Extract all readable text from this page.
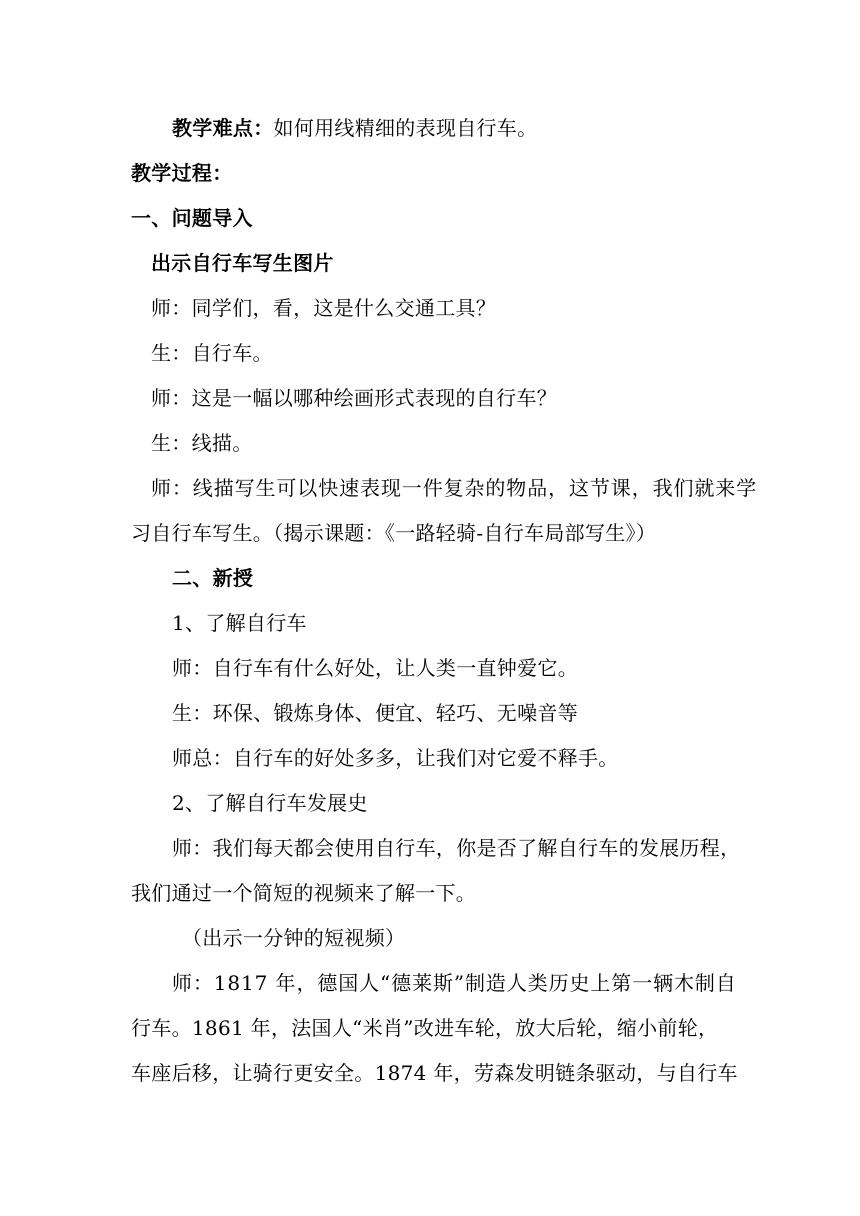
教学难点：如何用线精细的表现自行车。
教学过程：
一、问题导入
出示自行车写生图片
师：同学们，看，这是什么交通工具？
生：自行车。
师：这是一幅以哪种绘画形式表现的自行车？
生：线描。
师：线描写生可以快速表现一件复杂的物品，这节课，我们就来学
习自行车写生。（揭示课题：《一路轻骑-自行车局部写生》）
二、新授
1、了解自行车
师：自行车有什么好处，让人类一直钟爱它。
生：环保、锻炼身体、便宜、轻巧、无噪音等
师总：自行车的好处多多，让我们对它爱不释手。
2、了解自行车发展史
师：我们每天都会使用自行车，你是否了解自行车的发展历程，
我们通过一个简短的视频来了解一下。
（出示一分钟的短视频）
师：1817 年，德国人“德莱斯”制造人类历史上第一辆木制自
行车。1861 年，法国人“米肖”改进车轮，放大后轮，缩小前轮，
车座后移，让骑行更安全。1874 年，劳森发明链条驱动，与自行车
